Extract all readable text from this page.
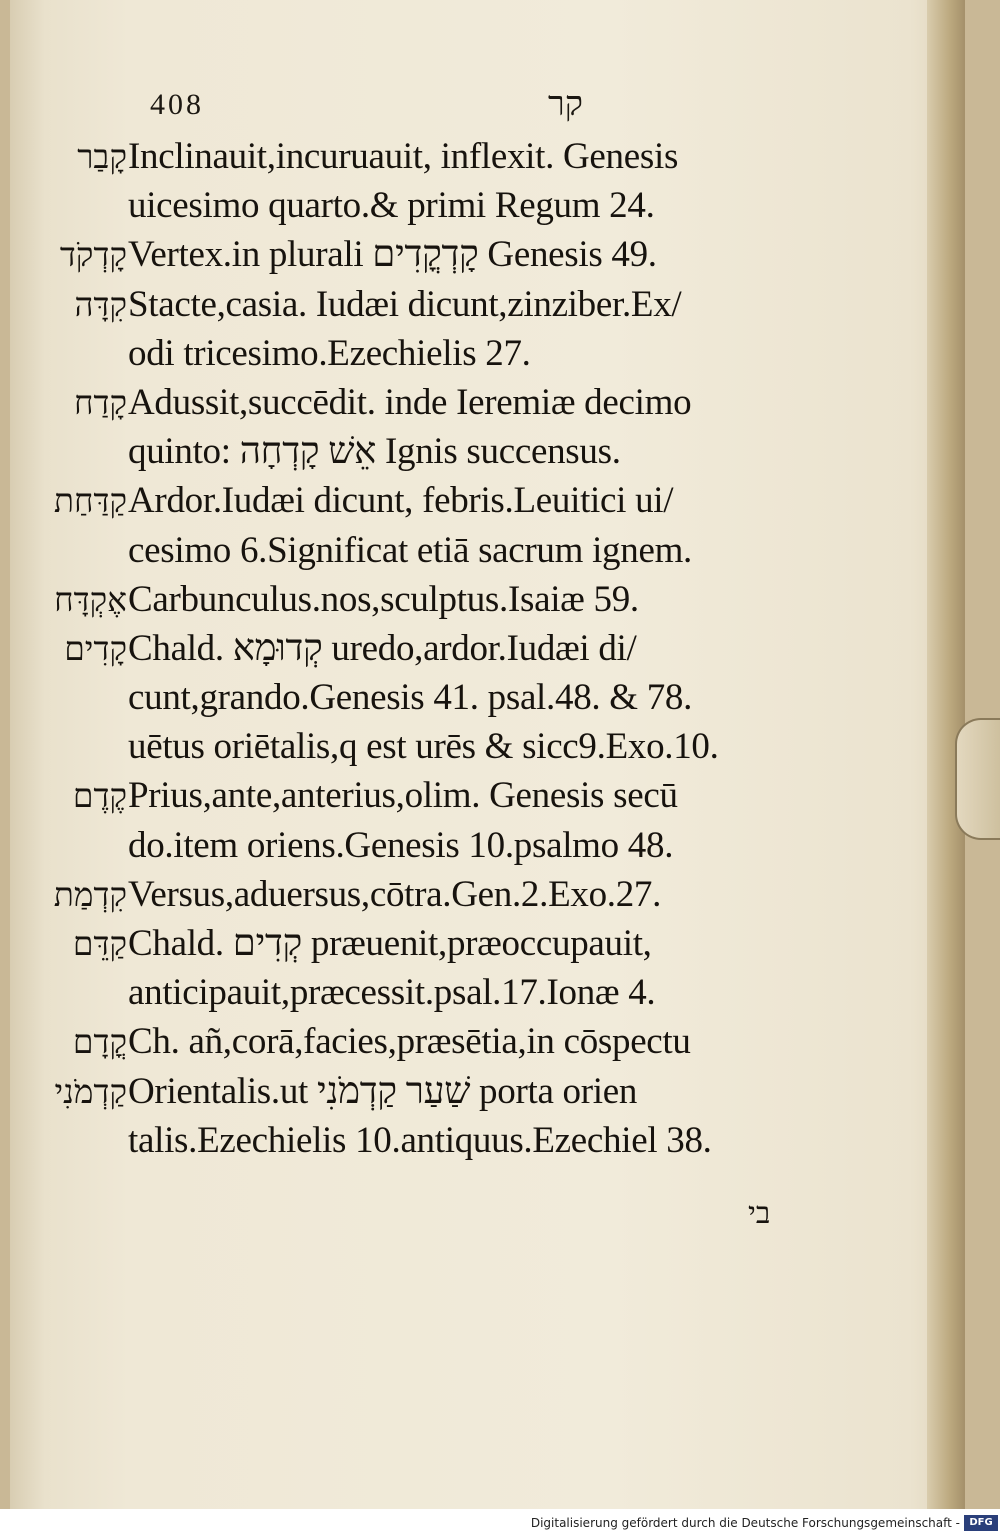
408	קר
קָבַר Inclinauit,incuruauit, inflexit. Genesis
uicesimo quarto.& primi Regum 24.
קָדְקֹד Vertex.in plurali קָדְקֳדִים Genesis 49.
קִדָּה Stacte,casia. Iudæi dicunt,zinziber.Ex/
odi tricesimo.Ezechielis 27.
קָדַח Adussit,succēdit. inde Ieremiæ decimo
quinto: אֵשׁ קָדְחָה Ignis succensus.
קַדַּחַת Ardor.Iudæi dicunt, febris.Leuitici ui/
cesimo 6.Significat etiā sacrum ignem.
אֶקְדָּח Carbunculus.nos,sculptus.Isaiæ 59.
קָדִים Chald. קְדוּמָא uredo,ardor.Iudæi di/
cunt,grando.Genesis 41. psal.48. & 78.
uētus oriētalis,q est urēs & sicc9.Exo.10.
קֶדֶם Prius,ante,anterius,olim. Genesis secū
do.item oriens.Genesis 10.psalmo 48.
קִדְמַת Versus,aduersus,cōtra.Gen.2.Exo.27.
קַדֵּם Chald. קְדִים præuenit,præoccupauit,
anticipauit,præcessit.psal.17.Ionæ 4.
קֳדָם Ch. añ,corā,facies,præsētia,in cōspectu
קַדְמֹנִי Orientalis.ut שַׁעַר קַדְמֹנִי porta orien
talis.Ezechielis 10.antiquus.Ezechiel 38.
בי
Digitalisierung gefördert durch die Deutsche Forschungsgemeinschaft - DFG
